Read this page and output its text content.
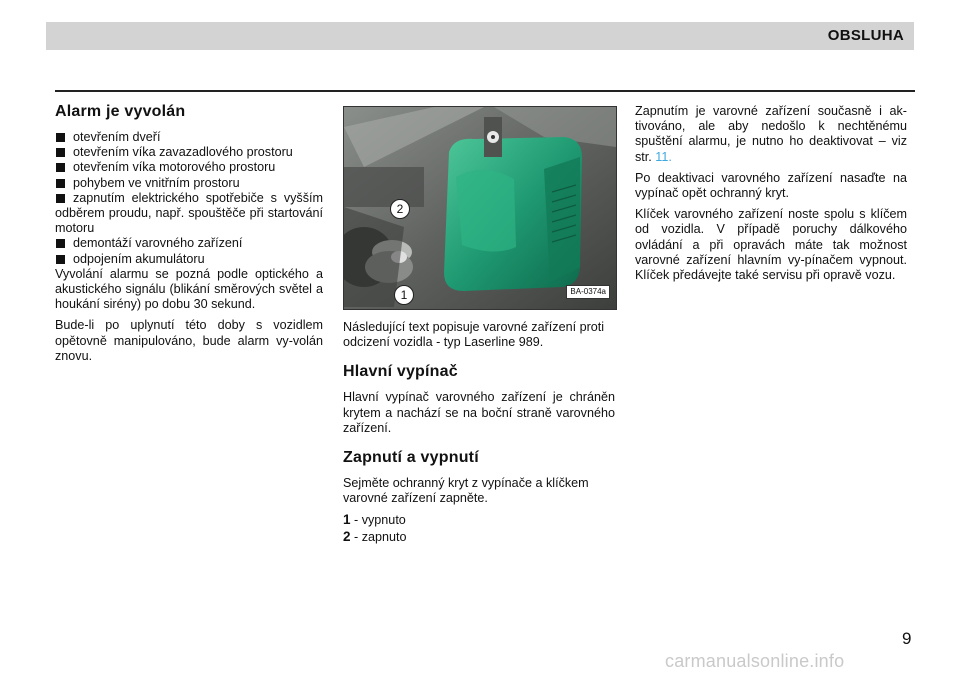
OBSLUHA
Alarm je vyvolán
otevřením dveří
otevřením víka zavazadlového prostoru
otevřením víka motorového prostoru
pohybem ve vnitřním prostoru
zapnutím elektrického spotřebiče s vyšším odběrem proudu, např. spouštěče při startování motoru
demontáží varovného zařízení
odpojením akumulátoru

Vyvolání alarmu se pozná podle optického a akustického signálu (blikání směrových světel a houkání sirény) po dobu 30 sekund.

Bude-li po uplynutí této doby s vozidlem opětovně manipulováno, bude alarm vy-volán znovu.

2
1	BA-0374a

Následující text popisuje varovné zařízení proti odcizení vozidla - typ Laserline 989.

Hlavní vypínač

Hlavní vypínač varovného zařízení je chráněn krytem a nachází se na boční straně varovného zařízení.

Zapnutí a vypnutí

Sejměte ochranný kryt z vypínače a klíčkem varovné zařízení zapněte.

1 - vypnuto

2 - zapnuto

Zapnutím je varovné zařízení současně i ak-tivováno, ale aby nedošlo k nechtěnému spuštění alarmu, je nutno ho deaktivovat – viz str. 11.

Po deaktivaci varovného zařízení nasaďte na vypínač opět ochranný kryt.

Klíček varovného zařízení noste spolu s klíčem od vozidla. V případě poruchy dálkového ovládání a při opravách máte tak možnost varovné zařízení hlavním vy-pínačem vypnout. Klíček předávejte také servisu při opravě vozu.

9
carmanualsonline.info
